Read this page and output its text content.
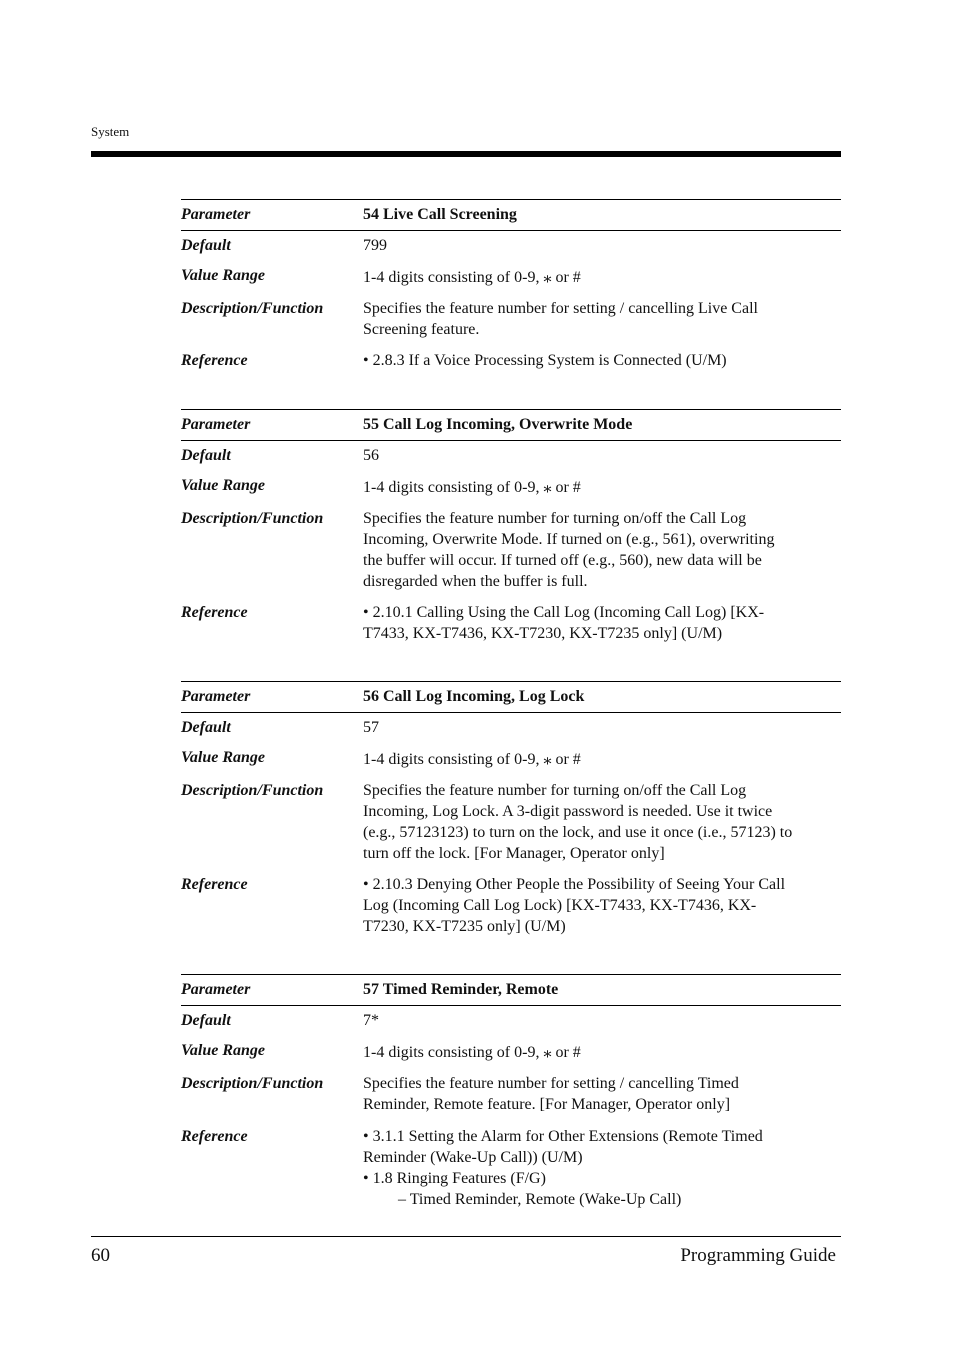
System
Parameter	54 Live Call Screening
Default	799
Value Range	1-4 digits consisting of 0-9, ⁎ or #
Description/Function	Specifies the feature number for setting / cancelling Live Call
Screening feature.
Reference	• 2.8.3 If a Voice Processing System is Connected (U/M)
Parameter	55 Call Log Incoming, Overwrite Mode
Default	56
Value Range	1-4 digits consisting of 0-9, ⁎ or #
Description/Function	Specifies the feature number for turning on/off the Call Log
Incoming, Overwrite Mode. If turned on (e.g., 561), overwriting
the buffer will occur. If turned off (e.g., 560), new data will be
disregarded when the buffer is full.
Reference	• 2.10.1 Calling Using the Call Log (Incoming Call Log) [KX-
T7433, KX-T7436, KX-T7230, KX-T7235 only] (U/M)
Parameter	56 Call Log Incoming, Log Lock
Default	57
Value Range	1-4 digits consisting of 0-9, ⁎ or #
Description/Function	Specifies the feature number for turning on/off the Call Log
Incoming, Log Lock. A 3-digit password is needed. Use it twice
(e.g., 57123123) to turn on the lock, and use it once (i.e., 57123) to
turn off the lock. [For Manager, Operator only]
Reference	• 2.10.3 Denying Other People the Possibility of Seeing Your Call
Log (Incoming Call Log Lock) [KX-T7433, KX-T7436, KX-
T7230, KX-T7235 only] (U/M)
Parameter	57 Timed Reminder, Remote
Default	7*
Value Range	1-4 digits consisting of 0-9, ⁎ or #
Description/Function	Specifies the feature number for setting / cancelling Timed
Reminder, Remote feature. [For Manager, Operator only]
Reference	• 3.1.1 Setting the Alarm for Other Extensions (Remote Timed
Reminder (Wake-Up Call)) (U/M)
• 1.8 Ringing Features (F/G)
– Timed Reminder, Remote (Wake-Up Call)
60	Programming Guide
